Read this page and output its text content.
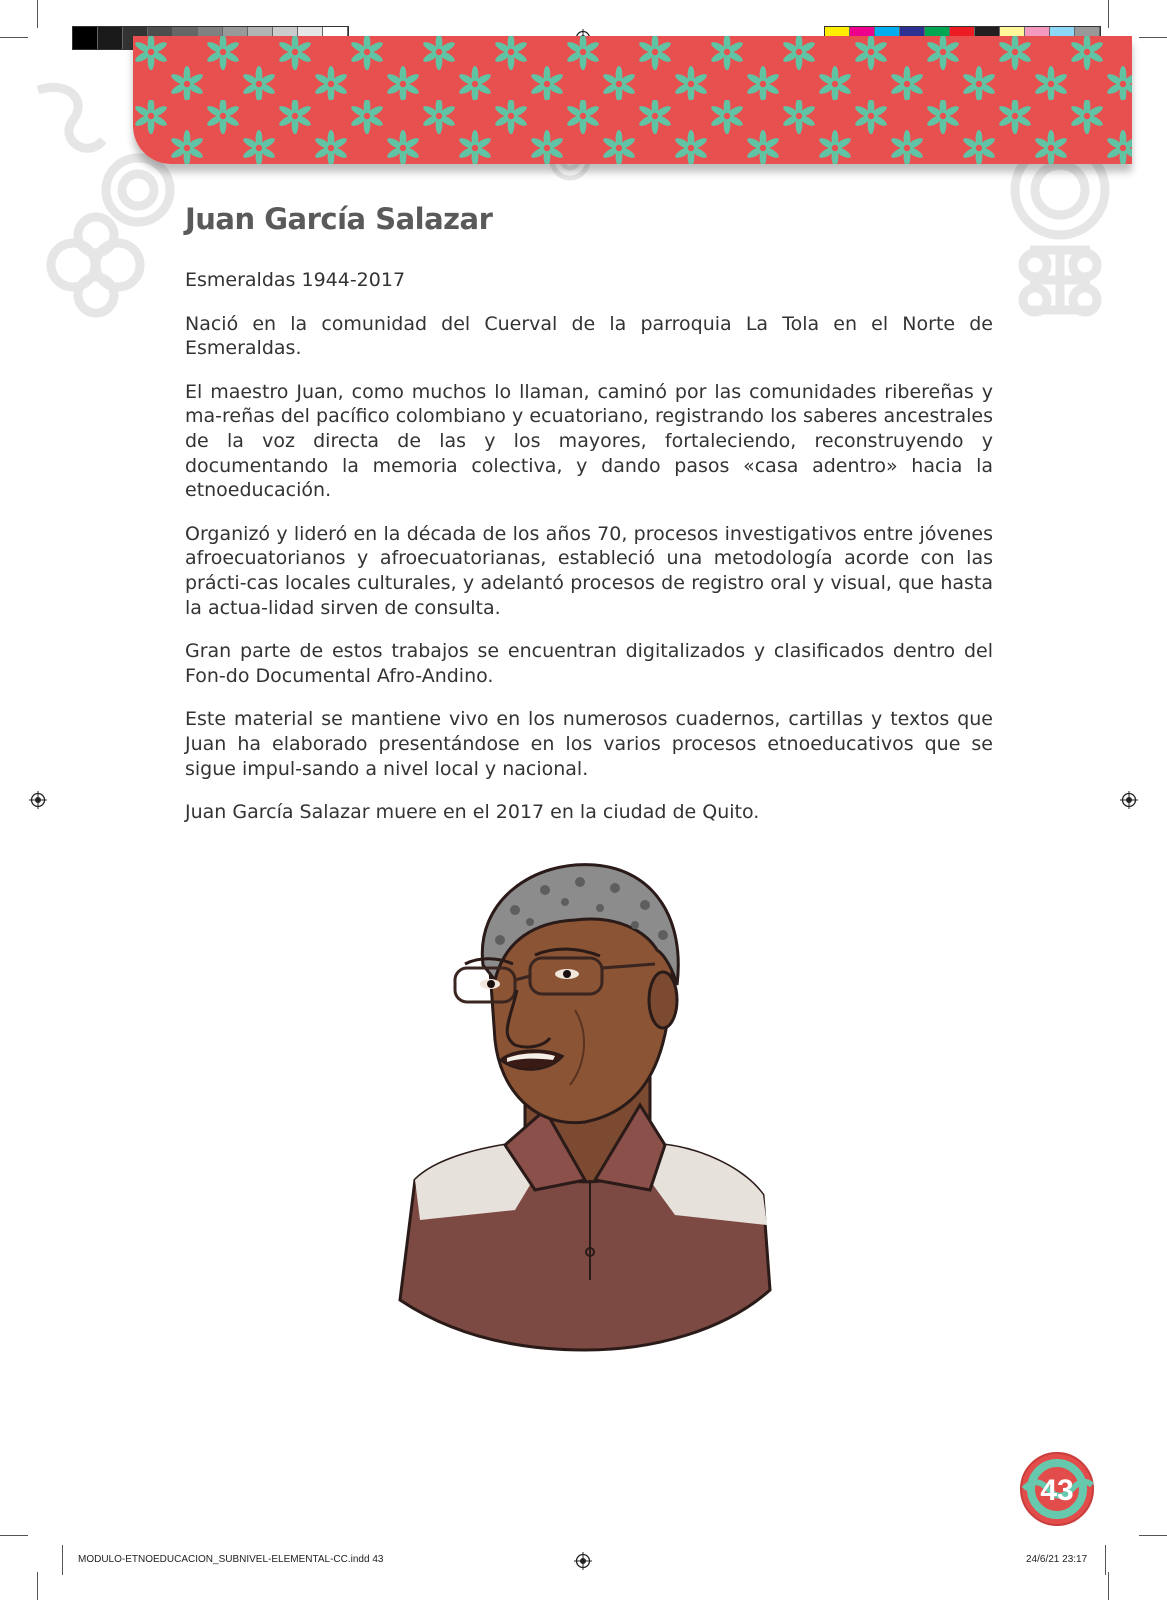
Juan García Salazar

Esmeraldas 1944-2017

Nació en la comunidad del Cuerval de la parroquia La Tola en el Norte de Esmeraldas.

El maestro Juan, como muchos lo llaman, caminó por las comunidades ribereñas y ma-reñas del pacífico colombiano y ecuatoriano, registrando los saberes ancestrales de la voz directa de las y los mayores, fortaleciendo, reconstruyendo y documentando la memoria colectiva, y dando pasos «casa adentro» hacia la etnoeducación.

Organizó y lideró en la década de los años 70, procesos investigativos entre jóvenes afroecuatorianos y afroecuatorianas, estableció una metodología acorde con las prácti-cas locales culturales, y adelantó procesos de registro oral y visual, que hasta la actua-lidad sirven de consulta.

Gran parte de estos trabajos se encuentran digitalizados y clasificados dentro del Fon-do Documental Afro-Andino.

Este material se mantiene vivo en los numerosos cuadernos, cartillas y textos que Juan ha elaborado presentándose en los varios procesos etnoeducativos que se sigue impul-sando a nivel local y nacional.

Juan García Salazar muere en el 2017 en la ciudad de Quito.

43
MODULO-ETNOEDUCACION_SUBNIVEL-ELEMENTAL-CC.indd 43	24/6/21 23:17
